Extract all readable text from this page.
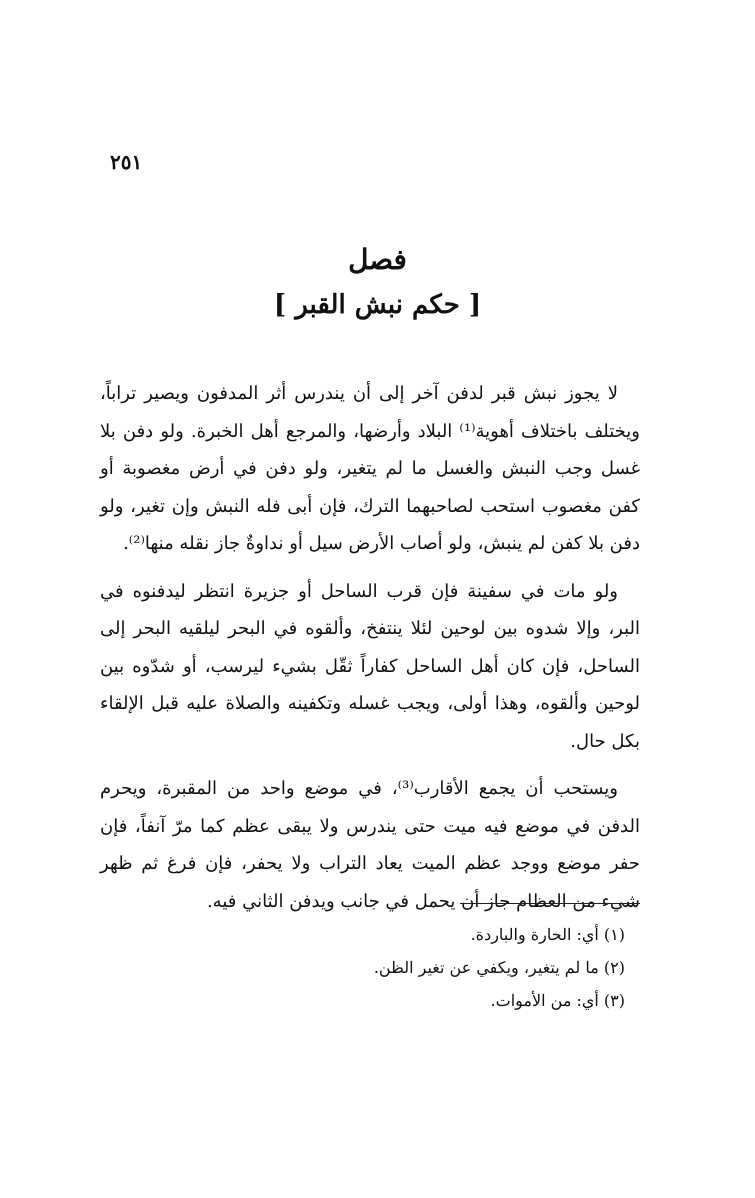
٢٥١
فصل
[ حكم نبش القبر ]

لا يجوز نبش قبر لدفن آخر إلى أن يندرس أثر المدفون ويصير تراباً، ويختلف باختلاف أهوية⁽¹⁾ البلاد وأرضها، والمرجع أهل الخبرة. ولو دفن بلا غسل وجب النبش والغسل ما لم يتغير، ولو دفن في أرض مغصوبة أو كفن مغصوب استحب لصاحبهما الترك، فإن أبى فله النبش وإن تغير، ولو دفن بلا كفن لم ينبش، ولو أصاب الأرض سيل أو نداوةٌ جاز نقله منها⁽²⁾.

ولو مات في سفينة فإن قرب الساحل أو جزيرة انتظر ليدفنوه في البر، وإلا شدوه بين لوحين لئلا ينتفخ، وألقوه في البحر ليلقيه البحر إلى الساحل، فإن كان أهل الساحل كفاراً ثقّل بشيء ليرسب، أو شدّوه بين لوحين وألقوه، وهذا أولى، ويجب غسله وتكفينه والصلاة عليه قبل الإلقاء بكل حال.

ويستحب أن يجمع الأقارب⁽³⁾، في موضع واحد من المقبرة، ويحرم الدفن في موضع فيه ميت حتى يندرس ولا يبقى عظم كما مرّ آنفاً، فإن حفر موضع ووجد عظم الميت يعاد التراب ولا يحفر، فإن فرغ ثم ظهر شيء من العظام جاز أن يحمل في جانب ويدفن الثاني فيه.

(١) أي: الحارة والباردة.

(٢) ما لم يتغير، ويكفي عن تغير الظن.

(٣) أي: من الأموات.
